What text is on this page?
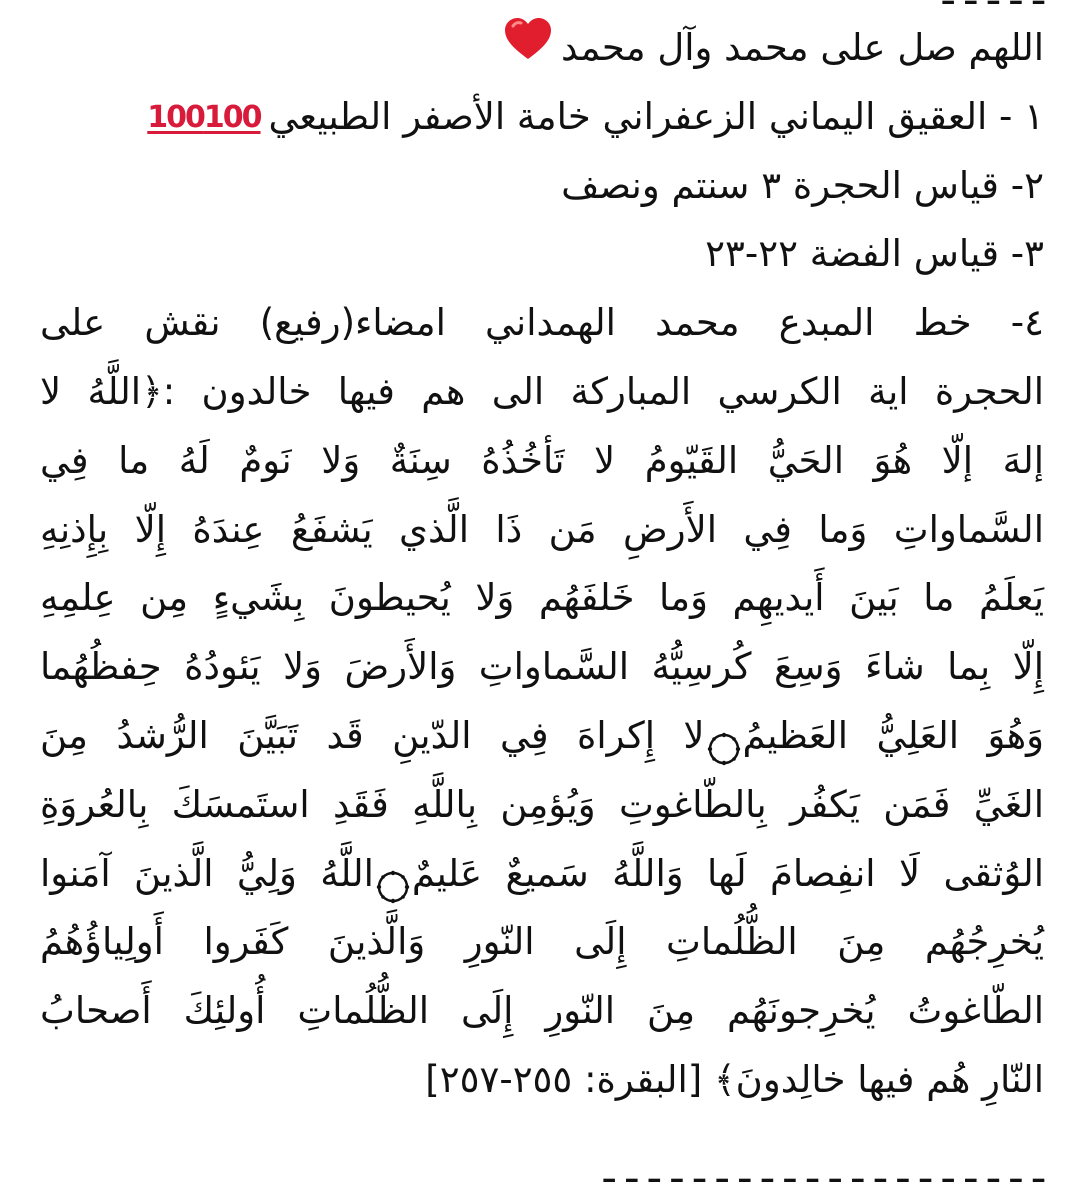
اللهم صل على محمد وآل محمد
١ - العقيق اليماني الزعفراني خامة الأصفر الطبيعي100100
٢- قياس الحجرة ٣ سنتم ونصف
٣- قياس الفضة ٢٢-٢٣
٤- خط المبدع محمد الهمداني امضاء(رفيع) نقش على
الحجرة اية الكرسي المباركة الى هم فيها خالدون :﴿اللَّهُ لا
إلهَ إلّا هُوَ الحَيُّ القَيّومُ لا تَأخُذُهُ سِنَةٌ وَلا نَومٌ لَهُ ما فِي
السَّماواتِ وَما فِي الأَرضِ مَن ذَا الَّذي يَشفَعُ عِندَهُ إِلّا بِإِذنِهِ
يَعلَمُ ما بَينَ أَيديهِم وَما خَلفَهُم وَلا يُحيطونَ بِشَيءٍ مِن عِلمِهِ
إِلّا بِما شاءَ وَسِعَ كُرسِيُّهُ السَّماواتِ وَالأَرضَ وَلا يَئودُهُ حِفظُهُما
وَهُوَ العَلِيُّ العَظيمُلا إِكراهَ فِي الدّينِ قَد تَبَيَّنَ الرُّشدُ مِنَ
الغَيِّ فَمَن يَكفُر بِالطّاغوتِ وَيُؤمِن بِاللَّهِ فَقَدِ استَمسَكَ بِالعُروَةِ
الوُثقى لَا انفِصامَ لَها وَاللَّهُ سَميعٌ عَليمٌاللَّهُ وَلِيُّ الَّذينَ آمَنوا
يُخرِجُهُم مِنَ الظُّلُماتِ إِلَى النّورِ وَالَّذينَ كَفَروا أَولِياؤُهُمُ
الطّاغوتُ يُخرِجونَهُم مِنَ النّورِ إِلَى الظُّلُماتِ أُولئِكَ أَصحابُ
النّارِ هُم فيها خالِدونَ﴾ [البقرة: ٢٥٥-٢٥٧]
ـ ـ ـ ـ ـ ـ ـ ـ ـ ـ ـ ـ ـ ـ ـ ـ ـ ـ ـ ـ
